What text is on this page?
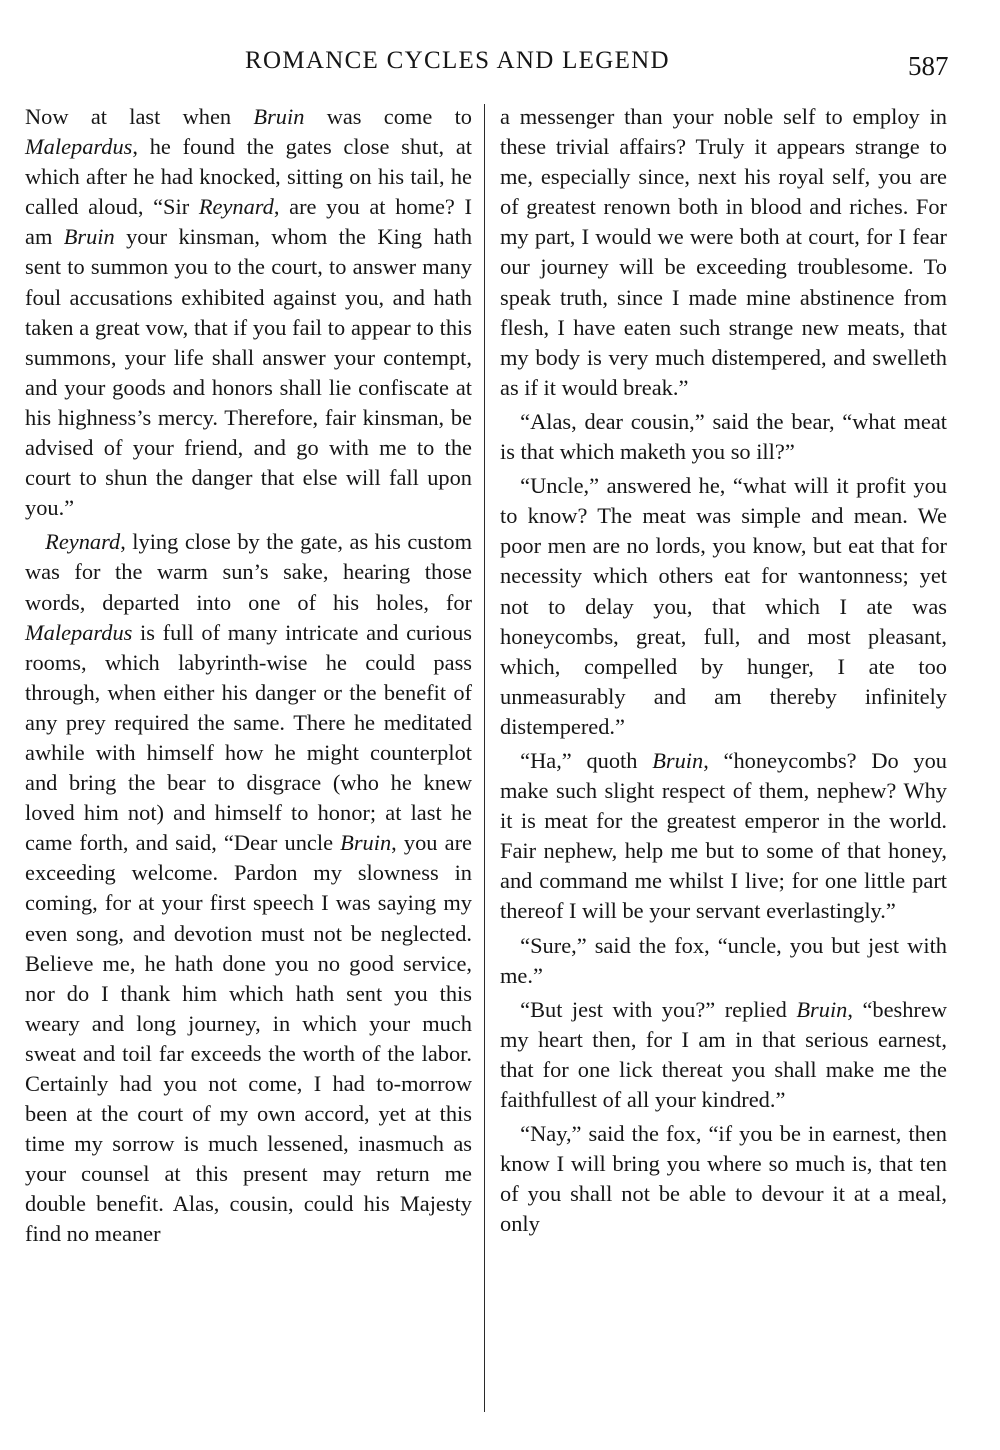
ROMANCE CYCLES AND LEGEND	587

Now at last when Bruin was come to Malepardus, he found the gates close shut, at which after he had knocked, sitting on his tail, he called aloud, “Sir Reynard, are you at home? I am Bruin your kinsman, whom the King hath sent to summon you to the court, to answer many foul accusations exhibited against you, and hath taken a great vow, that if you fail to appear to this summons, your life shall answer your contempt, and your goods and honors shall lie confiscate at his highness’s mercy. Therefore, fair kinsman, be advised of your friend, and go with me to the court to shun the danger that else will fall upon you.”

Reynard, lying close by the gate, as his custom was for the warm sun’s sake, hearing those words, departed into one of his holes, for Malepardus is full of many intricate and curious rooms, which labyrinth-wise he could pass through, when either his danger or the benefit of any prey required the same. There he meditated awhile with himself how he might counterplot and bring the bear to disgrace (who he knew loved him not) and himself to honor; at last he came forth, and said, “Dear uncle Bruin, you are exceeding welcome. Pardon my slowness in coming, for at your first speech I was saying my even song, and devotion must not be neglected. Believe me, he hath done you no good service, nor do I thank him which hath sent you this weary and long journey, in which your much sweat and toil far exceeds the worth of the labor. Certainly had you not come, I had to-morrow been at the court of my own accord, yet at this time my sorrow is much lessened, inasmuch as your counsel at this present may return me double benefit. Alas, cousin, could his Majesty find no meaner

a messenger than your noble self to employ in these trivial affairs? Truly it appears strange to me, especially since, next his royal self, you are of greatest renown both in blood and riches. For my part, I would we were both at court, for I fear our journey will be exceeding troublesome. To speak truth, since I made mine abstinence from flesh, I have eaten such strange new meats, that my body is very much distempered, and swelleth as if it would break.”

“Alas, dear cousin,” said the bear, “what meat is that which maketh you so ill?”

“Uncle,” answered he, “what will it profit you to know? The meat was simple and mean. We poor men are no lords, you know, but eat that for necessity which others eat for wantonness; yet not to delay you, that which I ate was honeycombs, great, full, and most pleasant, which, compelled by hunger, I ate too unmeasurably and am thereby infinitely distempered.”

“Ha,” quoth Bruin, “honeycombs? Do you make such slight respect of them, nephew? Why it is meat for the greatest emperor in the world. Fair nephew, help me but to some of that honey, and command me whilst I live; for one little part thereof I will be your servant everlastingly.”

“Sure,” said the fox, “uncle, you but jest with me.”

“But jest with you?” replied Bruin, “beshrew my heart then, for I am in that serious earnest, that for one lick thereat you shall make me the faithfullest of all your kindred.”

“Nay,” said the fox, “if you be in earnest, then know I will bring you where so much is, that ten of you shall not be able to devour it at a meal, only
